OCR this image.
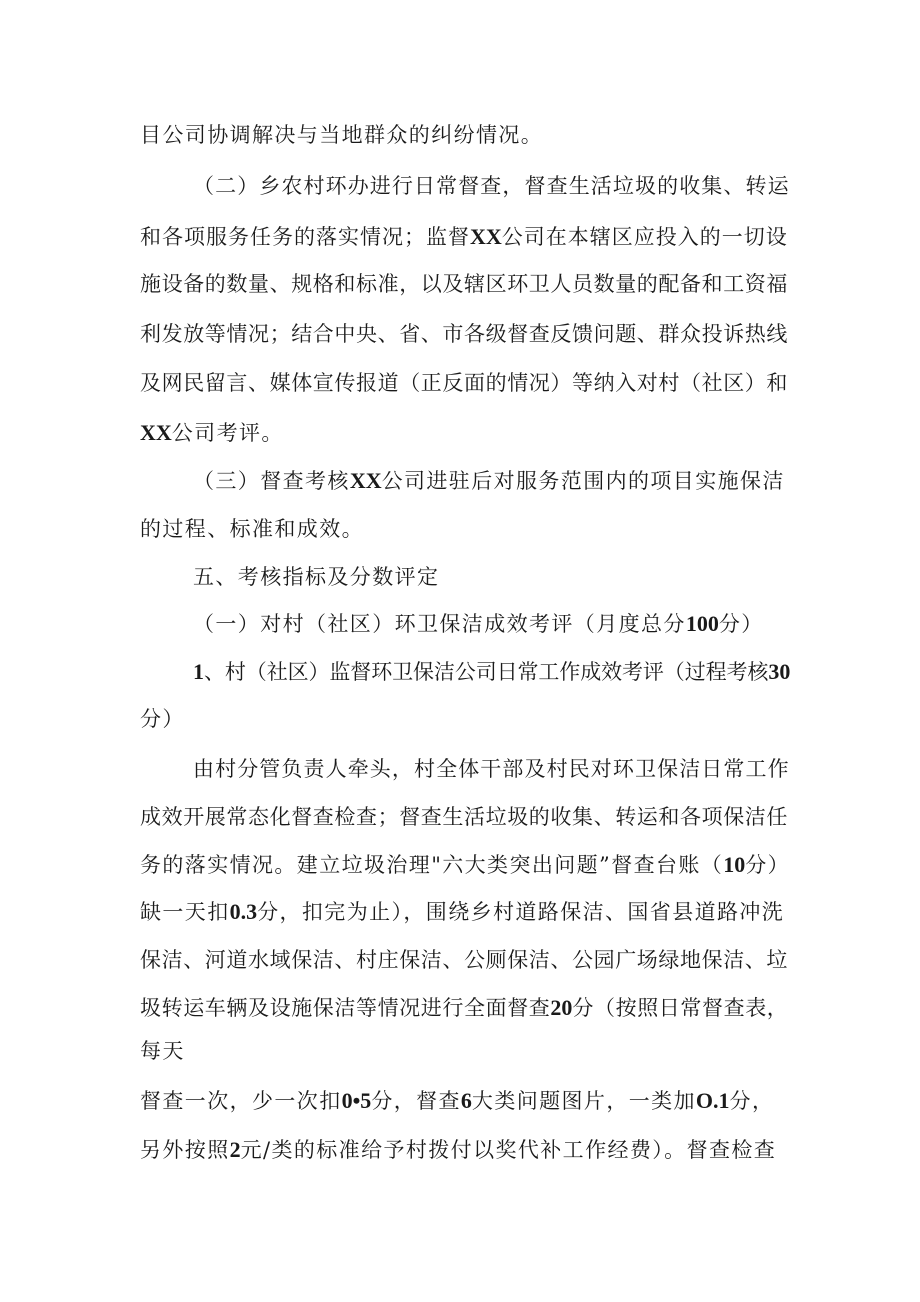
目公司协调解决与当地群众的纠纷情况。
（二）乡农村环办进行日常督查，督查生活垃圾的收集、转运
和各项服务任务的落实情况；监督XX公司在本辖区应投入的一切设
施设备的数量、规格和标准，以及辖区环卫人员数量的配备和工资福
利发放等情况；结合中央、省、市各级督查反馈问题、群众投诉热线
及网民留言、媒体宣传报道（正反面的情况）等纳入对村（社区）和
XX公司考评。
（三）督查考核XX公司进驻后对服务范围内的项目实施保洁
的过程、标准和成效。
五、考核指标及分数评定
（一）对村（社区）环卫保洁成效考评（月度总分100分）
1、村（社区）监督环卫保洁公司日常工作成效考评（过程考核30
分）
由村分管负责人牵头，村全体干部及村民对环卫保洁日常工作
成效开展常态化督查检查；督查生活垃圾的收集、转运和各项保洁任
务的落实情况。建立垃圾治理"六大类突出问题”督查台账（10分）
缺一天扣0.3分，扣完为止），围绕乡村道路保洁、国省县道路冲洗
保洁、河道水域保洁、村庄保洁、公厕保洁、公园广场绿地保洁、垃
圾转运车辆及设施保洁等情况进行全面督查20分（按照日常督查表，
每天
督查一次，少一次扣0•5分，督查6大类问题图片，一类加O.1分，
另外按照2元/类的标准给予村拨付以奖代补工作经费）。督查检查
